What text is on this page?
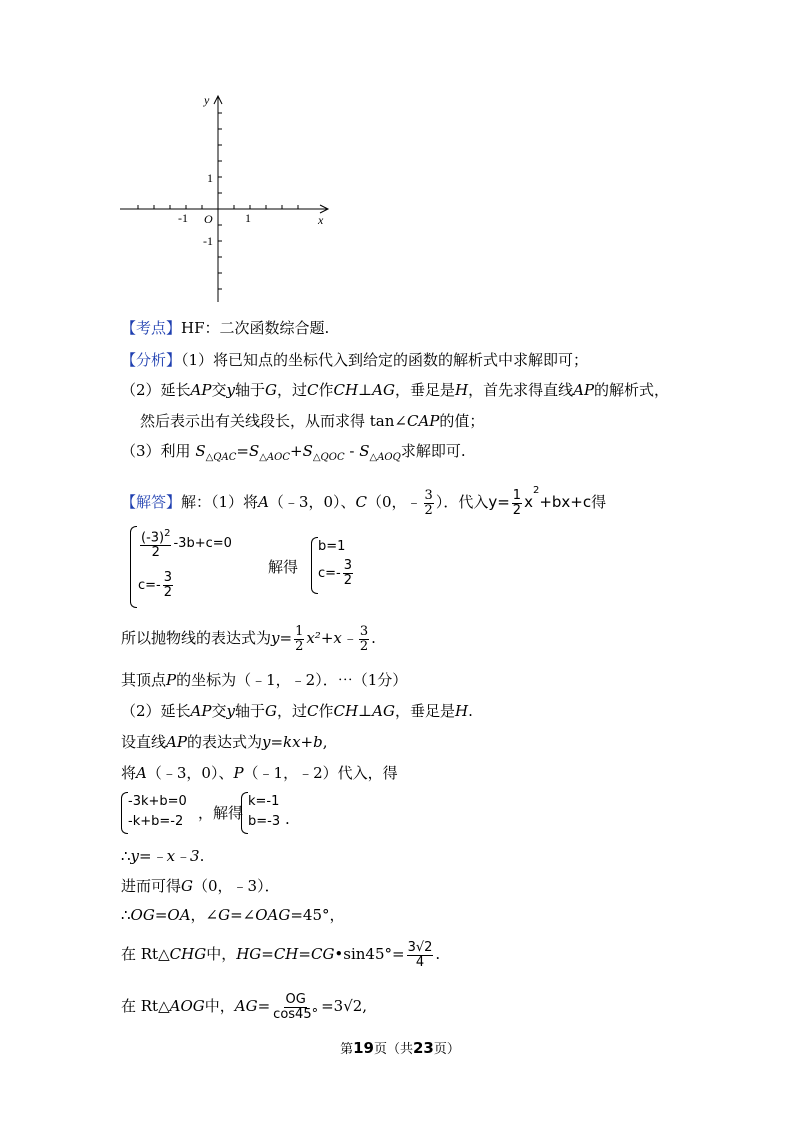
y
x
O
1
-1	1
-1
【考点】HF：二次函数综合题.
【分析】（1）将已知点的坐标代入到给定的函数的解析式中求解即可；
（2）延长AP交y轴于G，过C作CH⊥AG，垂足是H，首先求得直线AP的解析式，
然后表示出有关线段长，从而求得 tan∠CAP的值；
（3）利用 $S_{\triangle QAC}=S_{\triangle AOC}+S_{\triangle QOC} - S_{\triangle AOQ}$求解即可.
【解答】解：（1）将A（﹣3，0）、C（0，﹣ $\frac{3}{2}$ ）．代入$y= \frac{1}{2} x^2+bx+c$得
$\frac{(-3)^2}{2} -3b+c=0$
$c=- \frac{3}{2}$
解得
b=1
$c=- \frac{3}{2}$
所以抛物线的表达式为$y= \frac{1}{2}$ x²+x﹣ $\frac{3}{2}$ .
其顶点P的坐标为（﹣1，﹣2）．⋯（1分）
（2）延长AP交y轴于G，过C作CH⊥AG，垂足是H.
设直线AP的表达式为y=kx+b,
将A（﹣3，0）、P（﹣1，﹣2）代入，得
-3k+b=0
-k+b=-2 ，解得
k=-1
b=-3 .
∴y=﹣x﹣3.
进而可得G（0，﹣3）．
∴OG=OA，∠G=∠OAG=45°，
在 Rt△CHG中，HG=CH=CG•sin45°= $\frac{3√2}{4}$ .
在 Rt△AOG中，$AG= \frac{OG}{\cos 45^\circ} =3√2$,
第19页（共23页）
